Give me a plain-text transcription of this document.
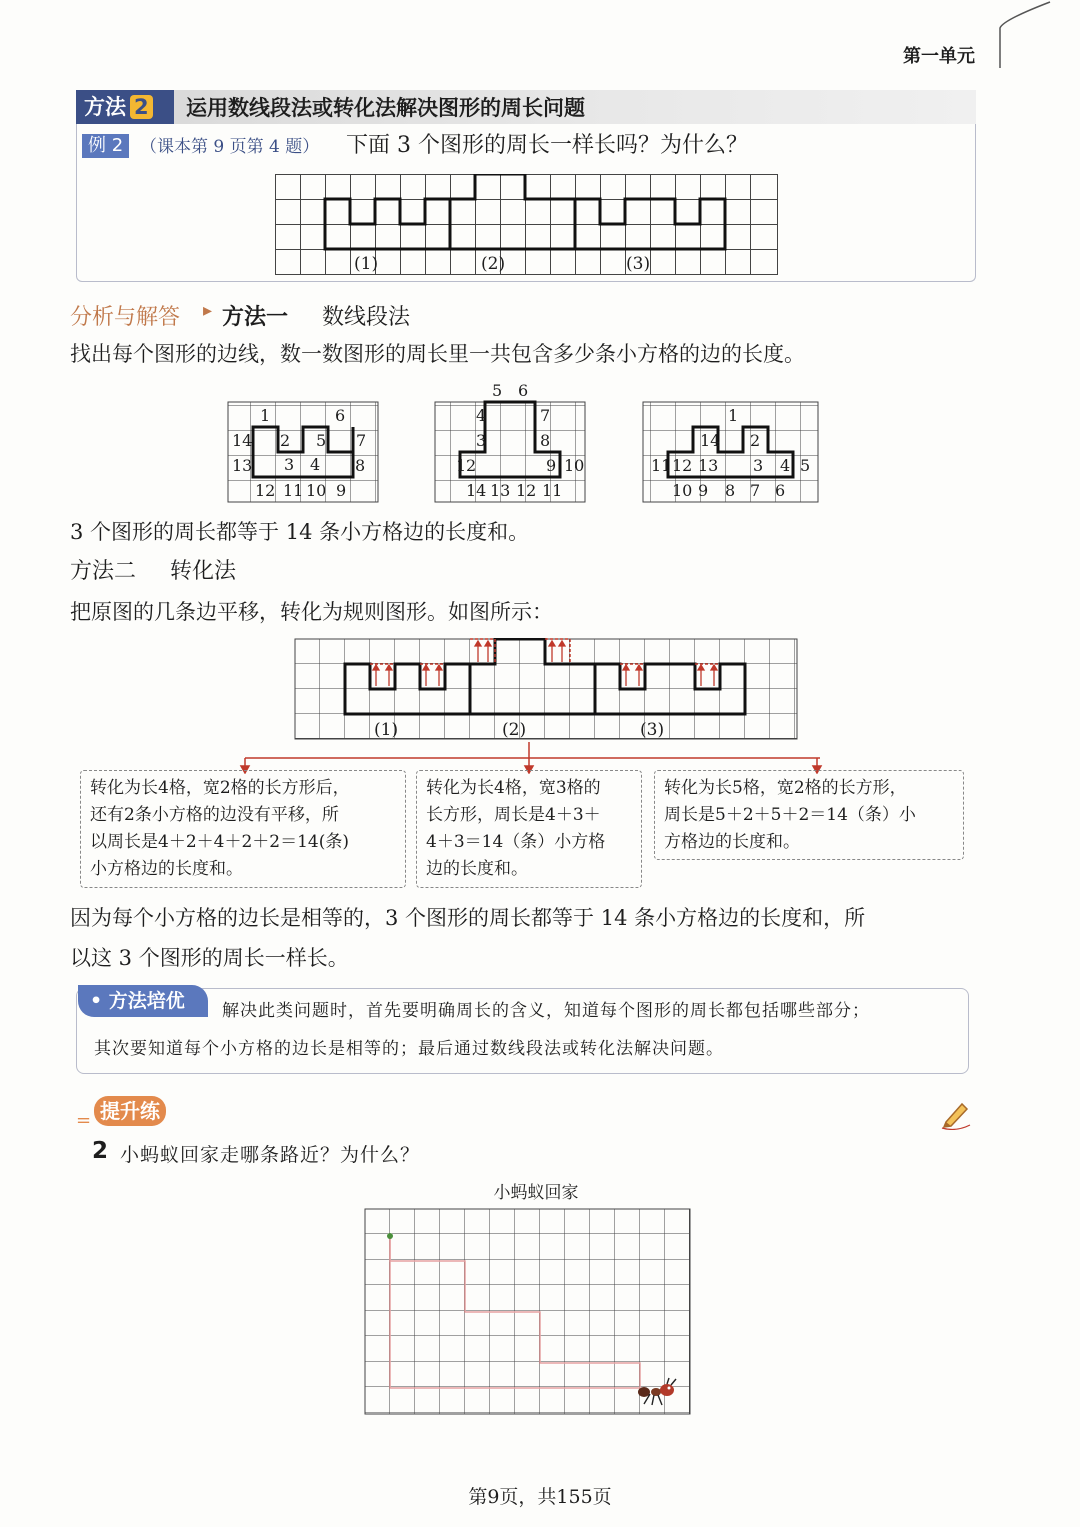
第一单元
方法 2	运用数线段法或转化法解决图形的周长问题
例 2 （课本第 9 页第 4 题） 下面 3 个图形的周长一样长吗？为什么？
(1)	(2)	(3)
分析与解答 ▸ 方法一 数线段法
找出每个图形的边线，数一数图形的周长里一共包含多少条小方格的边的长度。
1
2
3 4
5
6
7
8
9
10
11
12
13
14
1 2
3
4
5 6
7
8
9 10
11
12
13
14
1
2
3 4 5
6
7
8
9
10
11 12 13
14
3 个图形的周长都等于 14 条小方格边的长度和。
方法二 转化法
把原图的几条边平移，转化为规则图形。如图所示：
(1)	(2)	(3)
转化为长4格，宽2格的长方形后，
还有2条小方格的边没有平移，所
以周长是4＋2＋4＋2＋2＝14(条)
小方格边的长度和。
转化为长4格，宽3格的
长方形，周长是4＋3＋
4＋3＝14（条）小方格
边的长度和。
转化为长5格，宽2格的长方形，
周长是5＋2＋5＋2＝14（条）小
方格边的长度和。
因为每个小方格的边长是相等的，3 个图形的周长都等于 14 条小方格边的长度和，所
以这 3 个图形的周长一样长。
• 方法培优	解决此类问题时，首先要明确周长的含义，知道每个图形的周长都包括哪些部分；
其次要知道每个小方格的边长是相等的；最后通过数线段法或转化法解决问题。
= 提升练
2 小蚂蚁回家走哪条路近？为什么？
小蚂蚁回家
第9页，共155页
